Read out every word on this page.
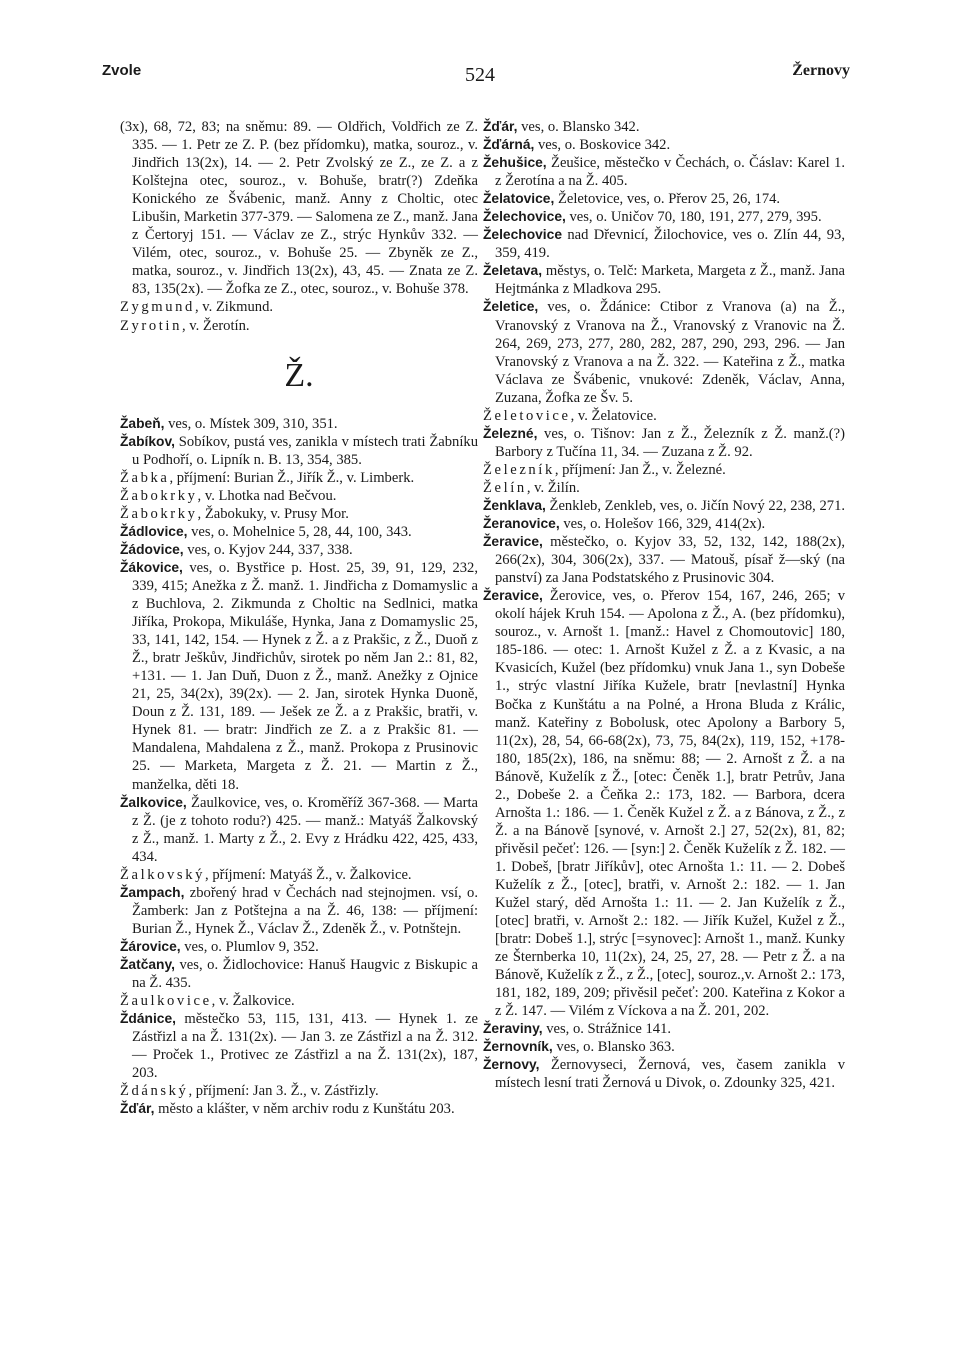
Zvole	524	Žernovy

(3x), 68, 72, 83; na sněmu: 89. — Oldřich, Voldřich ze Z. 335. — 1. Petr ze Z. P. (bez přídomku), matka, souroz., v. Jindřich 13(2x), 14. — 2. Petr Zvolský ze Z., ze Z. a z Kolštejna otec, souroz., v. Bohuše, bratr(?) Zdeňka Konického ze Švábenic, manž. Anny z Choltic, otec Libušin, Marketin 377-379. — Salomena ze Z., manž. Jana z Čertoryj 151. — Václav ze Z., strýc Hynkův 332. — Vilém, otec, souroz., v. Bohuše 25. — Zbyněk ze Z., matka, souroz., v. Jindřich 13(2x), 43, 45. — Znata ze Z. 83, 135(2x). — Žofka ze Z., otec, souroz., v. Bohuše 378.

Zygmund, v. Zikmund.

Zyrotin, v. Žerotín.

Ž.

Žabeň, ves, o. Místek 309, 310, 351.

Žabíkov, Sobíkov, pustá ves, zanikla v místech trati Žabníku u Podhoří, o. Lipník n. B. 13, 354, 385.

Žabka, příjmení: Burian Ž., Jiřík Ž., v. Limberk.

Žabokrky, v. Lhotka nad Bečvou.

Žabokrky, Žabokuky, v. Prusy Mor.

Žádlovice, ves, o. Mohelnice 5, 28, 44, 100, 343.

Žádovice, ves, o. Kyjov 244, 337, 338.

Žákovice, ves, o. Bystřice p. Host. 25, 39, 91, 129, 232, 339, 415; Anežka z Ž. manž. 1. Jindřicha z Domamyslic a z Buchlova, 2. Zikmunda z Choltic na Sedlnici, matka Jiříka, Prokopa, Mikuláše, Hynka, Jana z Domamyslic 25, 33, 141, 142, 154. — Hynek z Ž. a z Prakšic, z Ž., Duoň z Ž., bratr Ješkův, Jindřichův, sirotek po něm Jan 2.: 81, 82, +131. — 1. Jan Duň, Duon z Ž., manž. Anežky z Ojnice 21, 25, 34(2x), 39(2x). — 2. Jan, sirotek Hynka Duoně, Doun z Ž. 131, 189. — Ješek ze Ž. a z Prakšic, bratři, v. Hynek 81. — bratr: Jindřich ze Z. a z Prakšic 81. — Mandalena, Mahdalena z Ž., manž. Prokopa z Prusinovic 25. — Marketa, Margeta z Ž. 21. — Martin z Ž., manželka, děti 18.

Žalkovice, Žaulkovice, ves, o. Kroměříž 367-368. — Marta z Ž. (je z tohoto rodu?) 425. — manž.: Matyáš Žalkovský z Ž., manž. 1. Marty z Ž., 2. Evy z Hrádku 422, 425, 433, 434.

Žalkovský, příjmení: Matyáš Ž., v. Žalkovice.

Žampach, zbořený hrad v Čechách nad stejnojmen. vsí, o. Žamberk: Jan z Potštejna a na Ž. 46, 138: — příjmení: Burian Ž., Hynek Ž., Václav Ž., Zdeněk Ž., v. Potnštejn.

Žárovice, ves, o. Plumlov 9, 352.

Žatčany, ves, o. Židlochovice: Hanuš Haugvic z Biskupic a na Ž. 435.

Žaulkovice, v. Žalkovice.

Ždánice, městečko 53, 115, 131, 413. — Hynek 1. ze Zástřizl a na Ž. 131(2x). — Jan 3. ze Zástřizl a na Ž. 312. — Proček 1., Protivec ze Zástřizl a na Ž. 131(2x), 187, 203.

Ždánský, příjmení: Jan 3. Ž., v. Zástřizly.

Žďár, město a klášter, v něm archiv rodu z Kunštátu 203.

Žďár, ves, o. Blansko 342.

Žďárná, ves, o. Boskovice 342.

Žehušice, Žeušice, městečko v Čechách, o. Čáslav: Karel 1. z Žerotína a na Ž. 405.

Želatovice, Želetovice, ves, o. Přerov 25, 26, 174.

Želechovice, ves, o. Uničov 70, 180, 191, 277, 279, 395.

Želechovice nad Dřevnicí, Žilochovice, ves o. Zlín 44, 93, 359, 419.

Želetava, městys, o. Telč: Marketa, Margeta z Ž., manž. Jana Hejtmánka z Mladkova 295.

Želetice, ves, o. Ždánice: Ctibor z Vranova (a) na Ž., Vranovský z Vranova na Ž., Vranovský z Vranovic na Ž. 264, 269, 273, 277, 280, 282, 287, 290, 293, 296. — Jan Vranovský z Vranova a na Ž. 322. — Kateřina z Ž., matka Václava ze Švábenic, vnukové: Zdeněk, Václav, Anna, Zuzana, Žofka ze Šv. 5.

Želetovice, v. Želatovice.

Železné, ves, o. Tišnov: Jan z Ž., Železník z Ž. manž.(?) Barbory z Tučína 11, 34. — Zuzana z Ž. 92.

Železník, příjmení: Jan Ž., v. Železné.

Želín, v. Žilín.

Ženklava, Ženkleb, Zenkleb, ves, o. Jičín Nový 22, 238, 271.

Žeranovice, ves, o. Holešov 166, 329, 414(2x).

Žeravice, městečko, o. Kyjov 33, 52, 132, 142, 188(2x), 266(2x), 304, 306(2x), 337. — Matouš, písař ž—ský (na panství) za Jana Podstatského z Prusinovic 304.

Žeravice, Žerovice, ves, o. Přerov 154, 167, 246, 265; v okolí hájek Kruh 154. — Apolona z Ž., A. (bez přídomku), souroz., v. Arnošt 1. [manž.: Havel z Chomoutovic] 180, 185-186. — otec: 1. Arnošt Kužel z Ž. a z Kvasic, a na Kvasicích, Kužel (bez přídomku) vnuk Jana 1., syn Dobeše 1., strýc vlastní Jiříka Kužele, bratr [nevlastní] Hynka Bočka z Kunštátu a na Polné, a Hrona Bluda z Králic, manž. Kateřiny z Bobolusk, otec Apolony a Barbory 5, 11(2x), 28, 54, 66-68(2x), 73, 75, 84(2x), 119, 152, +178-180, 185(2x), 186, na sněmu: 88; — 2. Arnošt z Ž. a na Bánově, Kuželík z Ž., [otec: Čeněk 1.], bratr Petrův, Jana 2., Dobeše 2. a Čeňka 2.: 173, 182. — Barbora, dcera Arnošta 1.: 186. — 1. Čeněk Kužel z Ž. a z Bánova, z Ž., z Ž. a na Bánově [synové, v. Arnošt 2.] 27, 52(2x), 81, 82; přivěsil pečeť: 126. — [syn:] 2. Čeněk Kuželík z Ž. 182. — 1. Dobeš, [bratr Jiříkův], otec Arnošta 1.: 11. — 2. Dobeš Kuželík z Ž., [otec], bratři, v. Arnošt 2.: 182. — 1. Jan Kužel starý, děd Arnošta 1.: 11. — 2. Jan Kuželík z Ž., [otec] bratři, v. Arnošt 2.: 182. — Jiřík Kužel, Kužel z Ž., [bratr: Dobeš 1.], strýc [=synovec]: Arnošt 1., manž. Kunky ze Šternberka 10, 11(2x), 24, 25, 27, 28. — Petr z Ž. a na Bánově, Kuželík z Ž., z Ž., [otec], souroz.,v. Arnošt 2.: 173, 181, 182, 189, 209; přivěsil pečeť: 200. Kateřina z Kokor a z Ž. 147. — Vilém z Víckova a na Ž. 201, 202.

Žeraviny, ves, o. Strážnice 141.

Žernovník, ves, o. Blansko 363.

Žernovy, Žernovyseci, Žernová, ves, časem zanikla v místech lesní trati Žernová u Divok, o. Zdounky 325, 421.
